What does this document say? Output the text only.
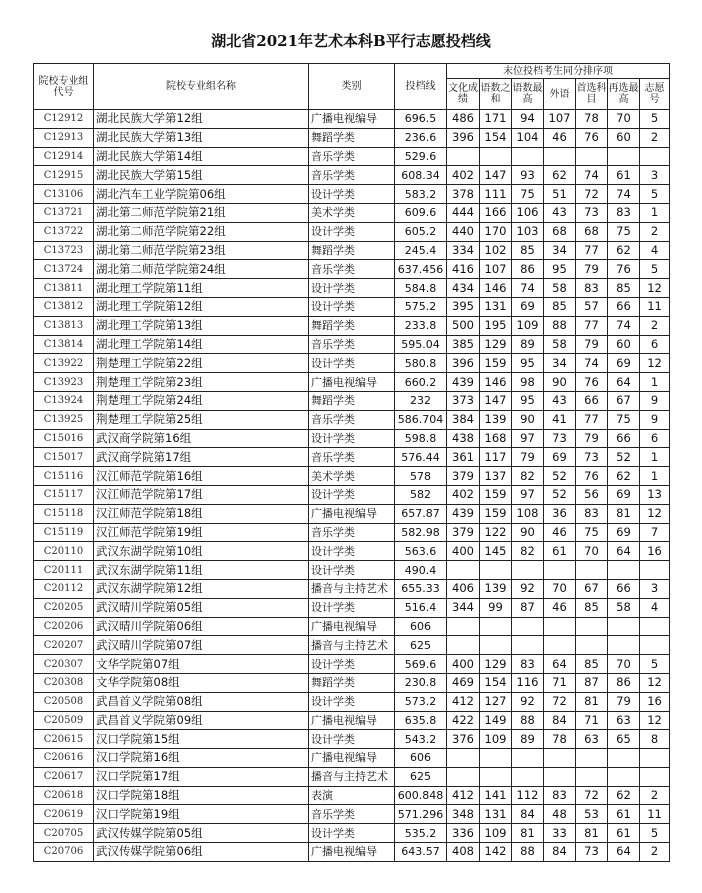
湖北省2021年艺术本科B平行志愿投档线
院校专业组代号	院校专业组名称	类别	投档线	末位投档考生同分排序项						
				文化成绩	语数之和	语数最高	外语	首选科目	再选最高	志愿号
C12912	湖北民族大学第12组	广播电视编导	696.5	486	171	94	107	78	70	5
C12913	湖北民族大学第13组	舞蹈学类	236.6	396	154	104	46	76	60	2
C12914	湖北民族大学第14组	音乐学类	529.6							
C12915	湖北民族大学第15组	音乐学类	608.34	402	147	93	62	74	61	3
C13106	湖北汽车工业学院第06组	设计学类	583.2	378	111	75	51	72	74	5
C13721	湖北第二师范学院第21组	美术学类	609.6	444	166	106	43	73	83	1
C13722	湖北第二师范学院第22组	设计学类	605.2	440	170	103	68	68	75	2
C13723	湖北第二师范学院第23组	舞蹈学类	245.4	334	102	85	34	77	62	4
C13724	湖北第二师范学院第24组	音乐学类	637.456	416	107	86	95	79	76	5
C13811	湖北理工学院第11组	设计学类	584.8	434	146	74	58	83	85	12
C13812	湖北理工学院第12组	设计学类	575.2	395	131	69	85	57	66	11
C13813	湖北理工学院第13组	舞蹈学类	233.8	500	195	109	88	77	74	2
C13814	湖北理工学院第14组	音乐学类	595.04	385	129	89	58	79	60	6
C13922	荆楚理工学院第22组	设计学类	580.8	396	159	95	34	74	69	12
C13923	荆楚理工学院第23组	广播电视编导	660.2	439	146	98	90	76	64	1
C13924	荆楚理工学院第24组	舞蹈学类	232	373	147	95	43	66	67	9
C13925	荆楚理工学院第25组	音乐学类	586.704	384	139	90	41	77	75	9
C15016	武汉商学院第16组	设计学类	598.8	438	168	97	73	79	66	6
C15017	武汉商学院第17组	音乐学类	576.44	361	117	79	69	73	52	1
C15116	汉江师范学院第16组	美术学类	578	379	137	82	52	76	62	1
C15117	汉江师范学院第17组	设计学类	582	402	159	97	52	56	69	13
C15118	汉江师范学院第18组	广播电视编导	657.87	439	159	108	36	83	81	12
C15119	汉江师范学院第19组	音乐学类	582.98	379	122	90	46	75	69	7
C20110	武汉东湖学院第10组	设计学类	563.6	400	145	82	61	70	64	16
C20111	武汉东湖学院第11组	设计学类	490.4							
C20112	武汉东湖学院第12组	播音与主持艺术	655.33	406	139	92	70	67	66	3
C20205	武汉晴川学院第05组	设计学类	516.4	344	99	87	46	85	58	4
C20206	武汉晴川学院第06组	广播电视编导	606							
C20207	武汉晴川学院第07组	播音与主持艺术	625							
C20307	文华学院第07组	设计学类	569.6	400	129	83	64	85	70	5
C20308	文华学院第08组	舞蹈学类	230.8	469	154	116	71	87	86	12
C20508	武昌首义学院第08组	设计学类	573.2	412	127	92	72	81	79	16
C20509	武昌首义学院第09组	广播电视编导	635.8	422	149	88	84	71	63	12
C20615	汉口学院第15组	设计学类	543.2	376	109	89	78	63	65	8
C20616	汉口学院第16组	广播电视编导	606							
C20617	汉口学院第17组	播音与主持艺术	625							
C20618	汉口学院第18组	表演	600.848	412	141	112	83	72	62	2
C20619	汉口学院第19组	音乐学类	571.296	348	131	84	48	53	61	11
C20705	武汉传媒学院第05组	设计学类	535.2	336	109	81	33	81	61	5
C20706	武汉传媒学院第06组	广播电视编导	643.57	408	142	88	84	73	64	2
